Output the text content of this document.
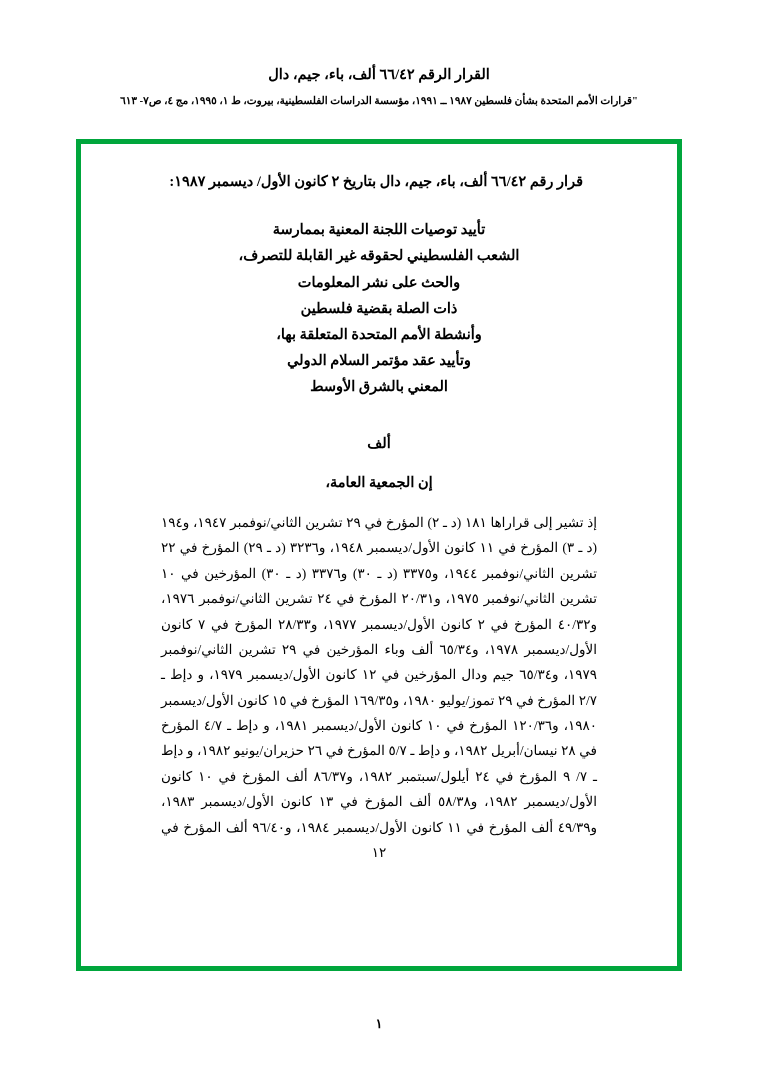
القرار الرقم ٦٦/٤٢ ألف، باء، جيم، دال
"قرارات الأمم المتحدة بشأن فلسطين ١٩٨٧ ــ ١٩٩١، مؤسسة الدراسات الفلسطينية، بيروت، ط ١، ١٩٩٥، مج ٤، ص٧- ٦١٣
قرار رقم ٦٦/٤٢ ألف، باء، جيم، دال بتاريخ ٢ كانون الأول/ ديسمبر ١٩٨٧:
تأييد توصيات اللجنة المعنية بممارسة
الشعب الفلسطيني لحقوقه غير القابلة للتصرف،
والحث على نشر المعلومات
ذات الصلة بقضية فلسطين
وأنشطة الأمم المتحدة المتعلقة بها،
وتأييد عقد مؤتمر السلام الدولي
المعني بالشرق الأوسط
ألف
إن الجمعية العامة،
إذ تشير إلى قراراها ١٨١ (د ـ ٢) المؤرخ في ٢٩ تشرين الثاني/نوفمبر ١٩٤٧، و١٩٤ (د ـ ٣) المؤرخ في ١١ كانون الأول/ديسمبر ١٩٤٨، و٣٢٣٦ (د ـ ٢٩) المؤرخ في ٢٢ تشرين الثاني/نوفمبر ١٩٤٤، و٣٣٧٥ (د ـ ٣٠) و٣٣٧٦ (د ـ ٣٠) المؤرخين في ١٠ تشرين الثاني/نوفمبر ١٩٧٥، و٢٠/٣١ المؤرخ في ٢٤ تشرين الثاني/نوفمبر ١٩٧٦، و٤٠/٣٢ المؤرخ في ٢ كانون الأول/ديسمبر ١٩٧٧، و٢٨/٣٣ المؤرخ في ٧ كانون الأول/ديسمبر ١٩٧٨، و٦٥/٣٤ ألف وباء المؤرخين في ٢٩ تشرين الثاني/نوفمبر ١٩٧٩، و٦٥/٣٤ جيم ودال المؤرخين في ١٢ كانون الأول/ديسمبر ١٩٧٩، و دإط ـ ٢/٧ المؤرخ في ٢٩ تموز/يوليو ١٩٨٠، و١٦٩/٣٥ المؤرخ في ١٥ كانون الأول/ديسمبر ١٩٨٠، و١٢٠/٣٦ المؤرخ في ١٠ كانون الأول/ديسمبر ١٩٨١، و دإط ـ ٤/٧ المؤرخ في ٢٨ نيسان/أبريل ١٩٨٢، و دإط ـ ٥/٧ المؤرخ في ٢٦ حزيران/يونيو ١٩٨٢، و دإط ـ ٧/ ٩ المؤرخ في ٢٤ أيلول/سبتمبر ١٩٨٢، و٨٦/٣٧ ألف المؤرخ في ١٠ كانون الأول/ديسمبر ١٩٨٢، و٥٨/٣٨ ألف المؤرخ في ١٣ كانون الأول/ديسمبر ١٩٨٣، و٤٩/٣٩ ألف المؤرخ في ١١ كانون الأول/ديسمبر ١٩٨٤، و٩٦/٤٠ ألف المؤرخ في ١٢
١
